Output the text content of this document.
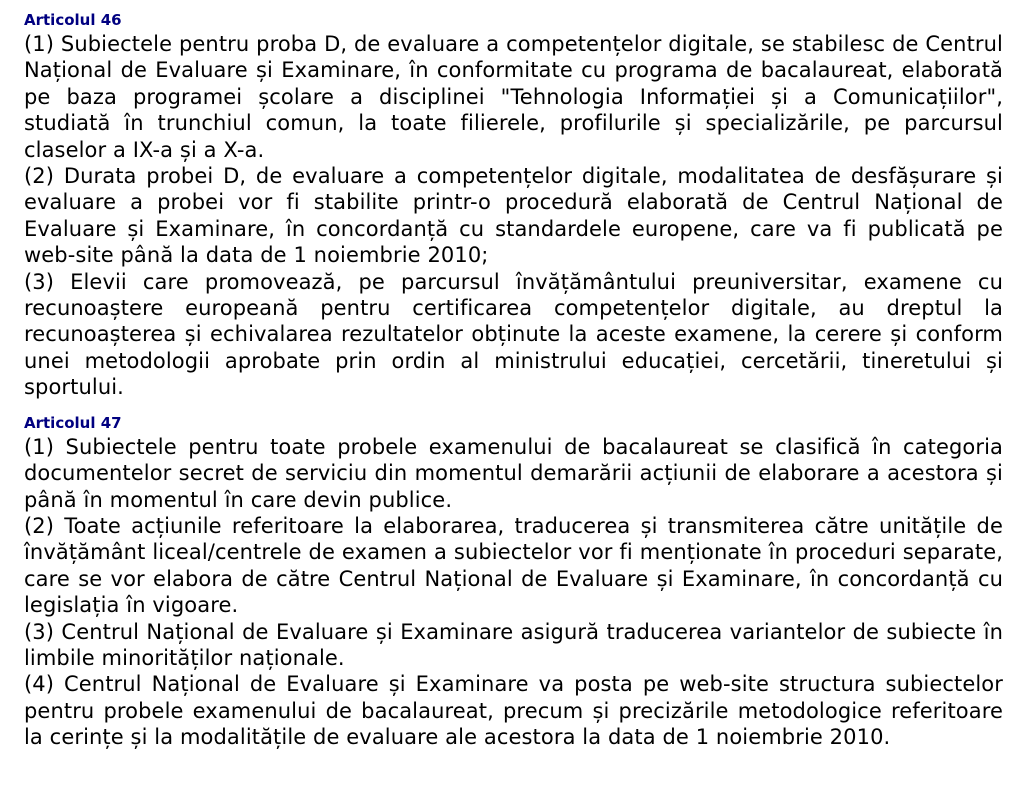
Articolul 46

(1) Subiectele pentru proba D, de evaluare a competențelor digitale, se stabilesc de Centrul Național de Evaluare și Examinare, în conformitate cu programa de bacalaureat, elaborată pe baza programei școlare a disciplinei "Tehnologia Informației și a Comunicațiilor", studiată în trunchiul comun, la toate filierele, profilurile și specializările, pe parcursul claselor a IX-a și a X-a.

(2) Durata probei D, de evaluare a competențelor digitale, modalitatea de desfășurare și evaluare a probei vor fi stabilite printr-o procedură elaborată de Centrul Național de Evaluare și Examinare, în concordanță cu standardele europene, care va fi publicată pe web-site până la data de 1 noiembrie 2010;

(3) Elevii care promovează, pe parcursul învățământului preuniversitar, examene cu recunoaștere europeană pentru certificarea competențelor digitale, au dreptul la recunoașterea și echivalarea rezultatelor obținute la aceste examene, la cerere și conform unei metodologii aprobate prin ordin al ministrului educației, cercetării, tineretului și sportului.

Articolul 47

(1) Subiectele pentru toate probele examenului de bacalaureat se clasifică în categoria documentelor secret de serviciu din momentul demarării acțiunii de elaborare a acestora și până în momentul în care devin publice.

(2) Toate acțiunile referitoare la elaborarea, traducerea și transmiterea către unitățile de învățământ liceal/centrele de examen a subiectelor vor fi menționate în proceduri separate, care se vor elabora de către Centrul Național de Evaluare și Examinare, în concordanță cu legislația în vigoare.

(3) Centrul Național de Evaluare și Examinare asigură traducerea variantelor de subiecte în limbile minorităților naționale.

(4) Centrul Național de Evaluare și Examinare va posta pe web-site structura subiectelor pentru probele examenului de bacalaureat, precum și precizările metodologice referitoare la cerințe și la modalitățile de evaluare ale acestora la data de 1 noiembrie 2010.
